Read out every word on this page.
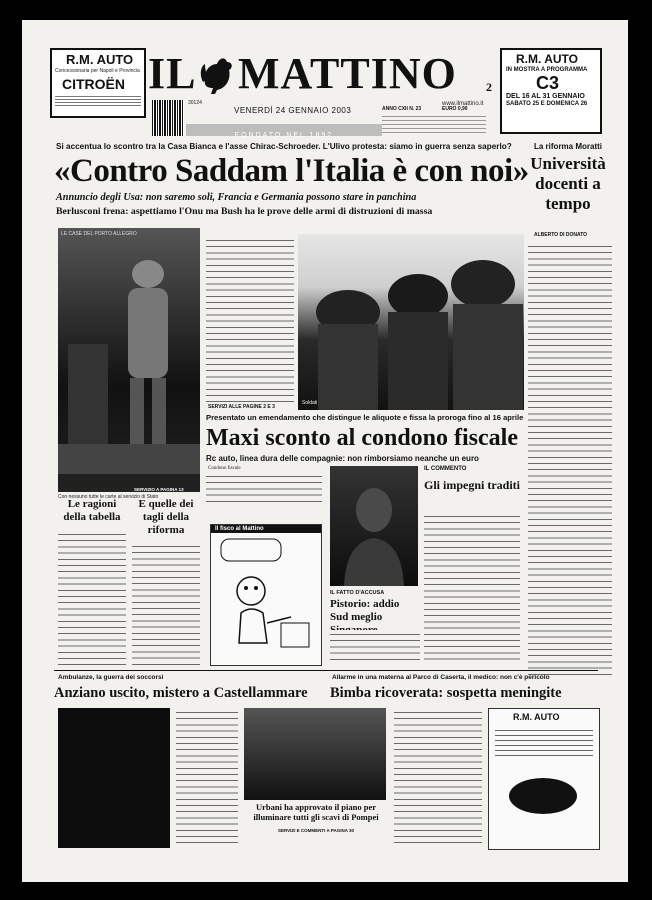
R.M. AUTO
Concessionaria per Napoli e Provincia
CITROËN IL MATTINO 2
www.ilmattino.it
30124
VENERDÌ 24 GENNAIO 2003	ANNO CXII N. 23	EURO 0,90
FONDATO NEL 1892
R.M. AUTO
IN MOSTRA A PROGRAMMA
C3
DEL 16 AL 31 GENNAIO
SABATO 25 E DOMENICA 26
Si accentua lo scontro tra la Casa Bianca e l'asse Chirac-Schroeder. L'Ulivo protesta: siamo in guerra senza saperlo?
«Contro Saddam l'Italia è con noi»
Annuncio degli Usa: non saremo soli, Francia e Germania possono stare in panchina
Berlusconi frena: aspettiamo l'Onu ma Bush ha le prove delle armi di distruzioni di massa
La riforma Moratti
Università docenti a tempo
ALBERTO DI DONATO
LE CASE DEL PORTO ALLEGRO
Con nessuno tutte le carte al servizio di Stato
SERVIZIO A PAGINA 13
SERVIZI ALLE PAGINE 2 E 3
Soldati
Presentato un emendamento che distingue le aliquote e fissa la proroga fino al 16 aprile
Maxi sconto al condono fiscale
Rc auto, linea dura delle compagnie: non rimborsiamo neanche un euro
Condono fiscale
Le ragioni della tabella
E quelle dei tagli della riforma	Il fisco al Mattino
IL COMMENTO
Gli impegni traditi
IL FATTO D'ACCUSA
Pistorio: addio Sud meglio
Ambulanze, la guerra dei soccorsi
Anziano uscito, mistero a Castellammare
Allarme in una materna al Parco di Caserta, il medico: non c'è pericolo
Bimba ricoverata: sospetta meningite
Urbani ha approvato il piano per illuminare tutti gli scavi di Pompei
SERVIZI E COMMENTI A PAGINA 30
R.M. AUTO
